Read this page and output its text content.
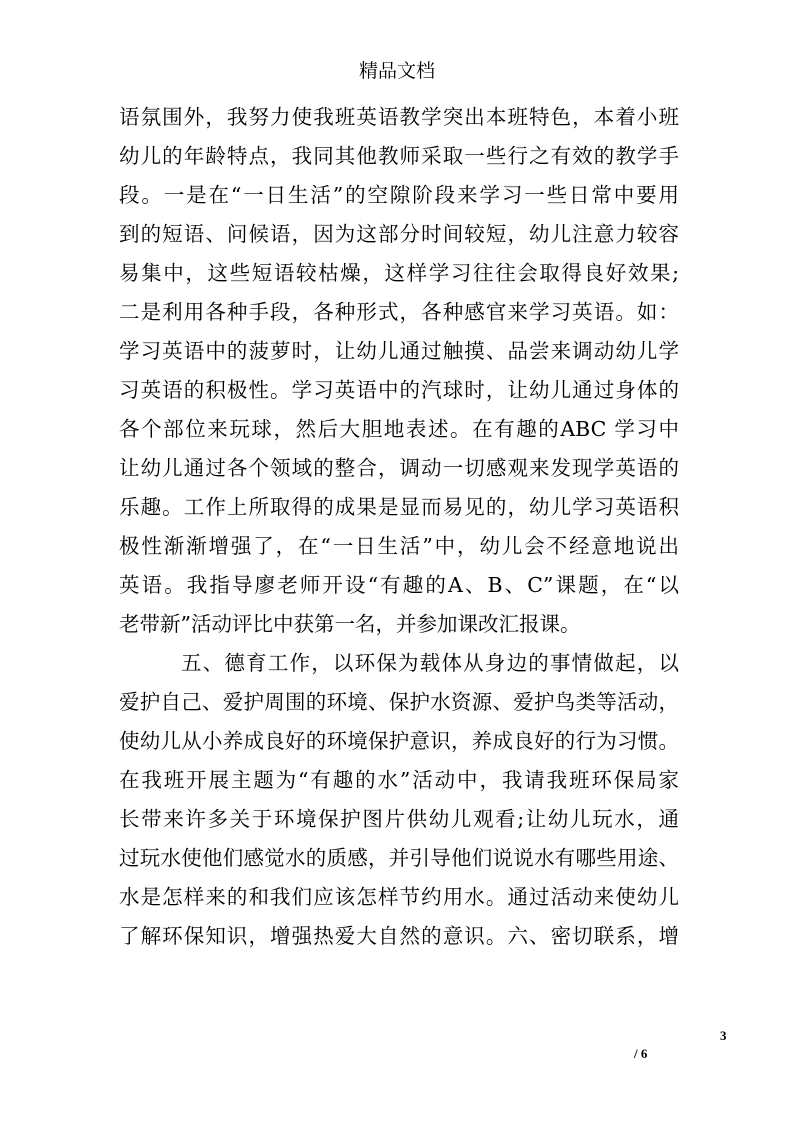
精品文档
语氛围外，我努力使我班英语教学突出本班特色，本着小班
幼儿的年龄特点，我同其他教师采取一些行之有效的教学手
段。一是在“一日生活”的空隙阶段来学习一些日常中要用
到的短语、问候语，因为这部分时间较短，幼儿注意力较容
易集中，这些短语较枯燥，这样学习往往会取得良好效果;
二是利用各种手段，各种形式，各种感官来学习英语。如：
学习英语中的菠萝时，让幼儿通过触摸、品尝来调动幼儿学
习英语的积极性。学习英语中的汽球时，让幼儿通过身体的
各个部位来玩球，然后大胆地表述。在有趣的ABC 学习中
让幼儿通过各个领域的整合，调动一切感观来发现学英语的
乐趣。工作上所取得的成果是显而易见的，幼儿学习英语积
极性渐渐增强了，在“一日生活”中，幼儿会不经意地说出
英语。我指导廖老师开设“有趣的A、B、C”课题，在“以
老带新”活动评比中获第一名，并参加课改汇报课。
五、德育工作，以环保为载体从身边的事情做起，以
爱护自己、爱护周围的环境、保护水资源、爱护鸟类等活动，
使幼儿从小养成良好的环境保护意识，养成良好的行为习惯。
在我班开展主题为“有趣的水”活动中，我请我班环保局家
长带来许多关于环境保护图片供幼儿观看;让幼儿玩水，通
过玩水使他们感觉水的质感，并引导他们说说水有哪些用途、
水是怎样来的和我们应该怎样节约用水。通过活动来使幼儿
了解环保知识，增强热爱大自然的意识。六、密切联系，增
3
/ 6
